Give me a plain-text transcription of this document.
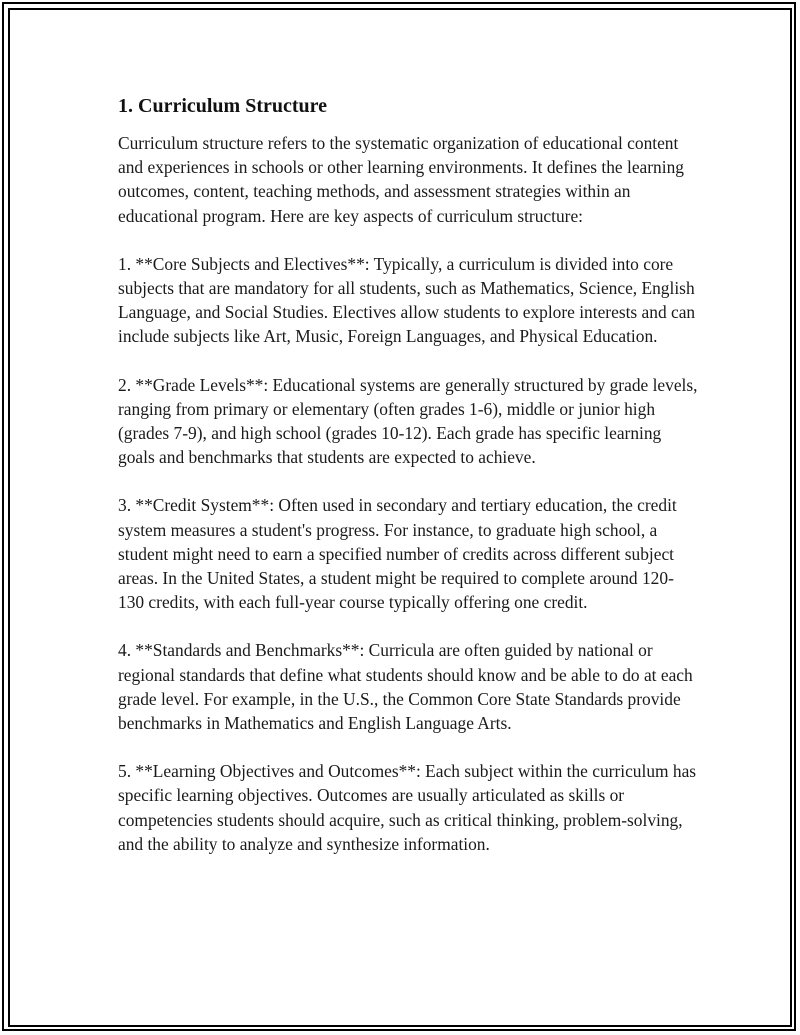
1. Curriculum Structure

Curriculum structure refers to the systematic organization of educational content and experiences in schools or other learning environments. It defines the learning outcomes, content, teaching methods, and assessment strategies within an educational program. Here are key aspects of curriculum structure:

1. **Core Subjects and Electives**: Typically, a curriculum is divided into core subjects that are mandatory for all students, such as Mathematics, Science, English Language, and Social Studies. Electives allow students to explore interests and can include subjects like Art, Music, Foreign Languages, and Physical Education.

2. **Grade Levels**: Educational systems are generally structured by grade levels, ranging from primary or elementary (often grades 1-6), middle or junior high (grades 7-9), and high school (grades 10-12). Each grade has specific learning goals and benchmarks that students are expected to achieve.

3. **Credit System**: Often used in secondary and tertiary education, the credit system measures a student's progress. For instance, to graduate high school, a student might need to earn a specified number of credits across different subject areas. In the United States, a student might be required to complete around 120-130 credits, with each full-year course typically offering one credit.

4. **Standards and Benchmarks**: Curricula are often guided by national or regional standards that define what students should know and be able to do at each grade level. For example, in the U.S., the Common Core State Standards provide benchmarks in Mathematics and English Language Arts.

5. **Learning Objectives and Outcomes**: Each subject within the curriculum has specific learning objectives. Outcomes are usually articulated as skills or competencies students should acquire, such as critical thinking, problem-solving, and the ability to analyze and synthesize information.
